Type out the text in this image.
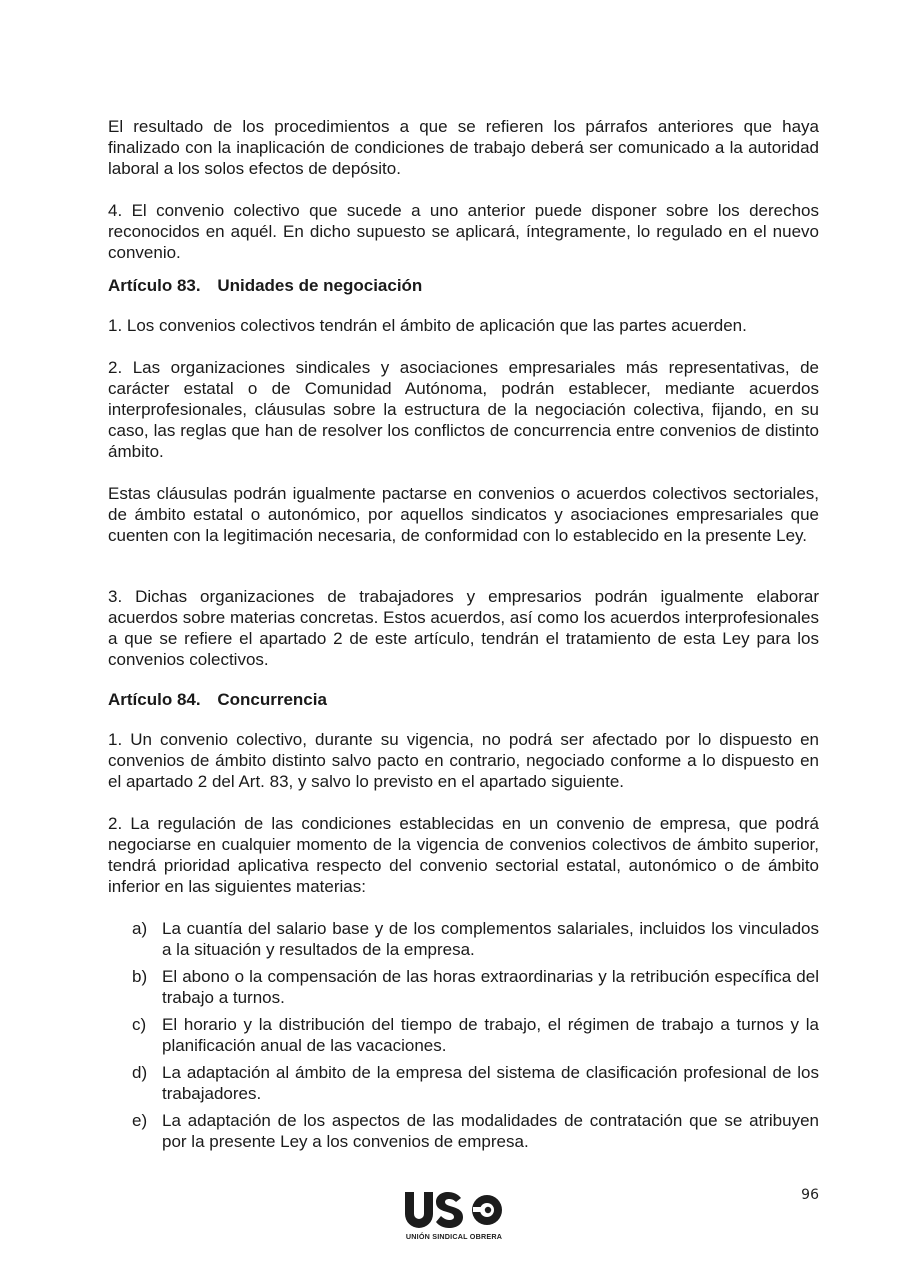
El resultado de los procedimientos a que se refieren los párrafos anteriores que haya finalizado con la inaplicación de condiciones de trabajo deberá ser comunicado a la autoridad laboral a los solos efectos de depósito.

4. El convenio colectivo que sucede a uno anterior puede disponer sobre los derechos reconocidos en aquél. En dicho supuesto se aplicará, íntegramente, lo regulado en el nuevo convenio.

Artículo 83. Unidades de negociación

1. Los convenios colectivos tendrán el ámbito de aplicación que las partes acuerden.

2. Las organizaciones sindicales y asociaciones empresariales más representativas, de carácter estatal o de Comunidad Autónoma, podrán establecer, mediante acuerdos interprofesionales, cláusulas sobre la estructura de la negociación colectiva, fijando, en su caso, las reglas que han de resolver los conflictos de concurrencia entre convenios de distinto ámbito.

Estas cláusulas podrán igualmente pactarse en convenios o acuerdos colectivos sectoriales, de ámbito estatal o autonómico, por aquellos sindicatos y asociaciones empresariales que cuenten con la legitimación necesaria, de conformidad con lo establecido en la presente Ley.

3. Dichas organizaciones de trabajadores y empresarios podrán igualmente elaborar acuerdos sobre materias concretas. Estos acuerdos, así como los acuerdos interprofesionales a que se refiere el apartado 2 de este artículo, tendrán el tratamiento de esta Ley para los convenios colectivos.

Artículo 84. Concurrencia

1. Un convenio colectivo, durante su vigencia, no podrá ser afectado por lo dispuesto en convenios de ámbito distinto salvo pacto en contrario, negociado conforme a lo dispuesto en el apartado 2 del Art. 83, y salvo lo previsto en el apartado siguiente.

2. La regulación de las condiciones establecidas en un convenio de empresa, que podrá negociarse en cualquier momento de la vigencia de convenios colectivos de ámbito superior, tendrá prioridad aplicativa respecto del convenio sectorial estatal, autonómico o de ámbito inferior en las siguientes materias:

a) La cuantía del salario base y de los complementos salariales, incluidos los vinculados a la situación y resultados de la empresa.
b) El abono o la compensación de las horas extraordinarias y la retribución específica del trabajo a turnos.
c) El horario y la distribución del tiempo de trabajo, el régimen de trabajo a turnos y la planificación anual de las vacaciones.
d) La adaptación al ámbito de la empresa del sistema de clasificación profesional de los trabajadores.
e) La adaptación de los aspectos de las modalidades de contratación que se atribuyen por la presente Ley a los convenios de empresa.
96
UNIÓN SINDICAL OBRERA
